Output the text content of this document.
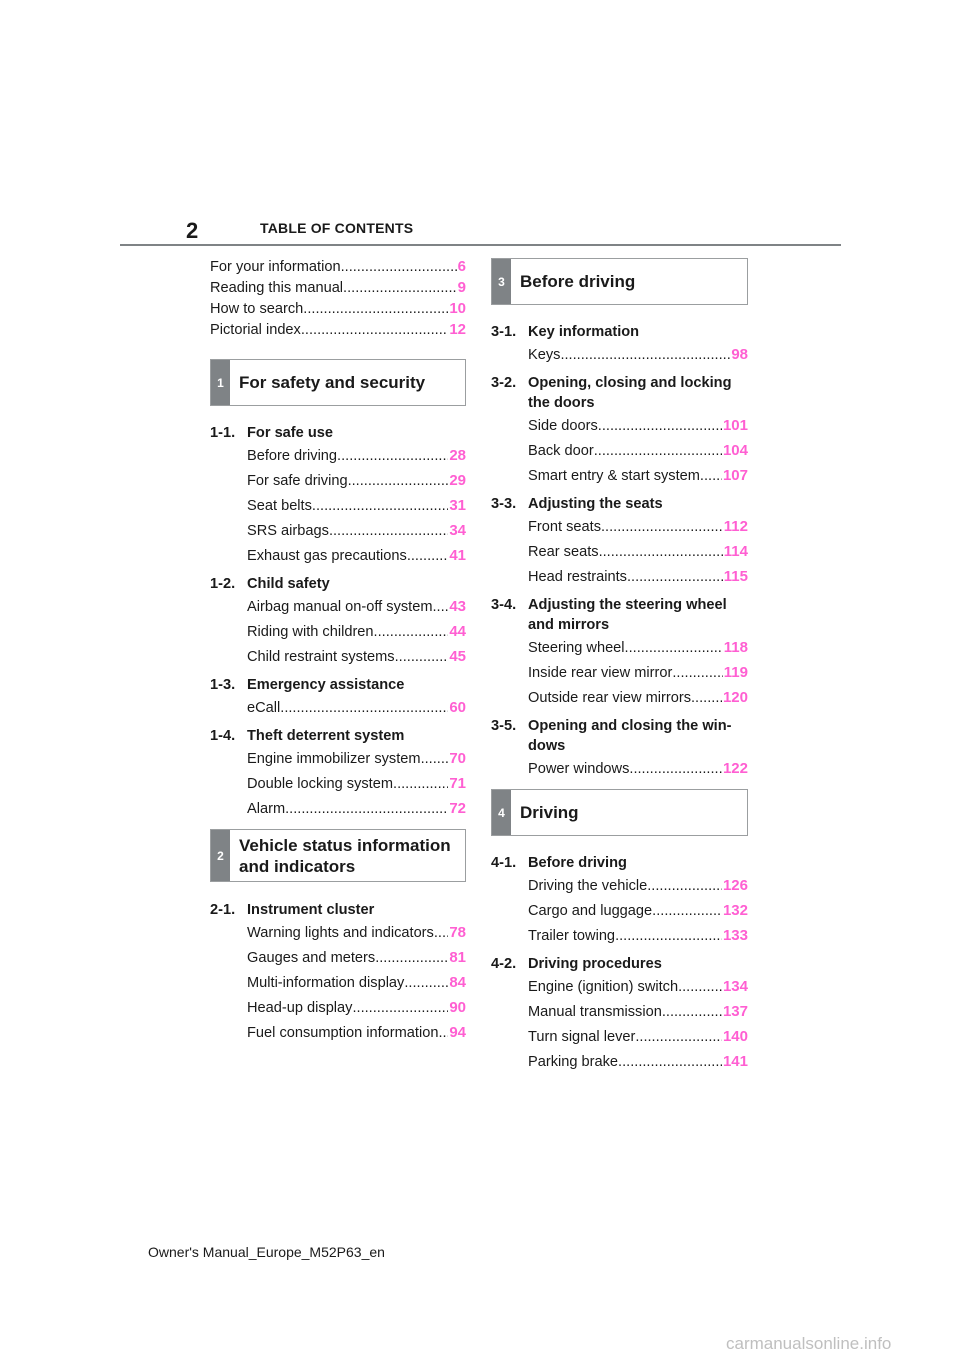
2	TABLE OF CONTENTS
For your information .....	6
Reading this manual .....	9
How to search .....	10
Pictorial index .....	12
1 For safety and security
1-1. For safe use
Before driving .....	28
For safe driving .....	29
Seat belts .....	31
SRS airbags .....	34
Exhaust gas precautions .....	41
1-2. Child safety
Airbag manual on-off system ..... 43
Riding with children .....	44
Child restraint systems .....	45
1-3. Emergency assistance
eCall .....	60
1-4. Theft deterrent system
Engine immobilizer system ..... 70
Double locking system .....	71
Alarm .....	72
2
Vehicle status information
and indicators
2-1. Instrument cluster
Warning lights and indicators ..... 78
Gauges and meters .....	81
Multi-information display .....	84
Head-up display .....	90
Fuel consumption information ..... 94
3 Before driving
3-1. Key information
Keys .....	98
3-2. Opening, closing and locking
the doors
Side doors .....	101
Back door .....	104
Smart entry & start system ..... 107
3-3. Adjusting the seats
Front seats .....	112
Rear seats .....	114
Head restraints .....	115
3-4. Adjusting the steering wheel
and mirrors
Steering wheel .....	118
Inside rear view mirror .....	119
Outside rear view mirrors ..... 120
3-5. Opening and closing the win-
dows
Power windows .....	122
4 Driving
4-1. Before driving
Driving the vehicle .....	126
Cargo and luggage .....	132
Trailer towing .....	133
4-2. Driving procedures
Engine (ignition) switch .....	134
Manual transmission .....	137
Turn signal lever .....	140
Parking brake .....	141
Owner's Manual_Europe_M52P63_en
carmanualsonline.info
